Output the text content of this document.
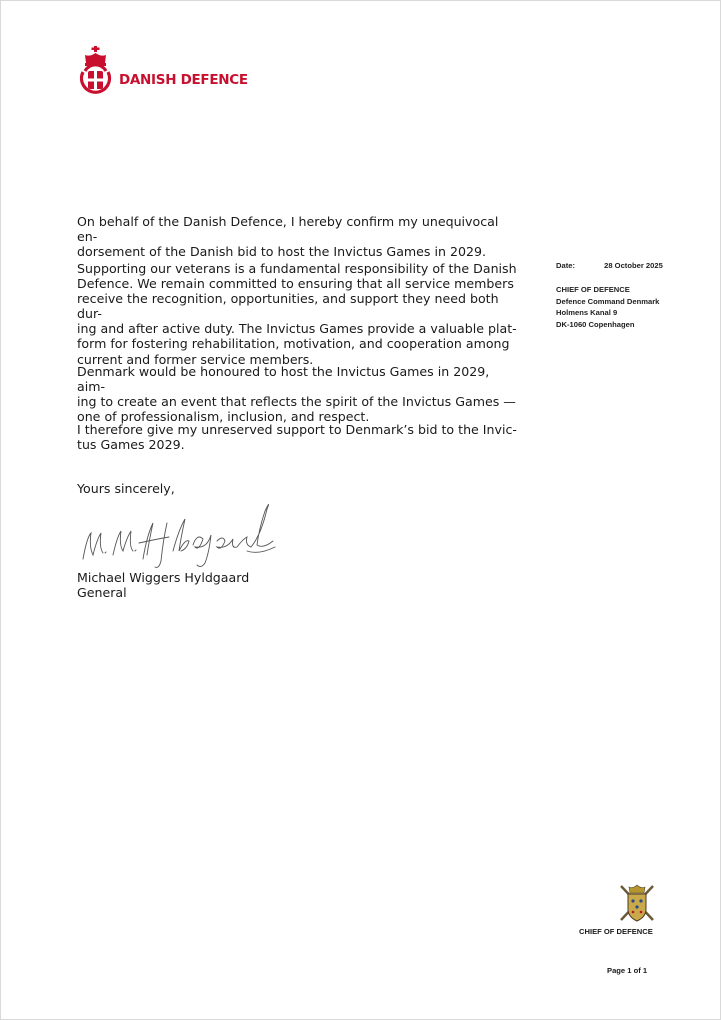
DANISH DEFENCE

On behalf of the Danish Defence, I hereby confirm my unequivocal en-
dorsement of the Danish bid to host the Invictus Games in 2029.

Supporting our veterans is a fundamental responsibility of the Danish
Defence. We remain committed to ensuring that all service members
receive the recognition, opportunities, and support they need both dur-
ing and after active duty. The Invictus Games provide a valuable plat-
form for fostering rehabilitation, motivation, and cooperation among
current and former service members.

Denmark would be honoured to host the Invictus Games in 2029, aim-
ing to create an event that reflects the spirit of the Invictus Games —
one of professionalism, inclusion, and respect.

I therefore give my unreserved support to Denmark’s bid to the Invic-
tus Games 2029.

Yours sincerely,
Michael Wiggers Hyldgaard
General
Date:	28 October 2025
CHIEF OF DEFENCE
Defence Command Denmark
Holmens Kanal 9
DK-1060 Copenhagen
CHIEF OF DEFENCE
Page 1 of 1
